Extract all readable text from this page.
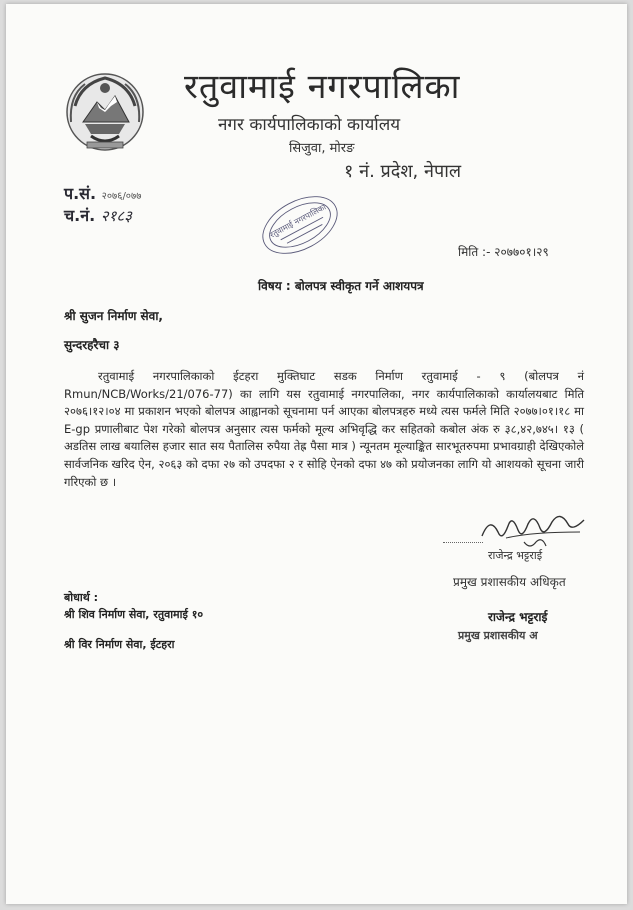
रतुवामाई नगरपालिका
नगर कार्यपालिकाको कार्यालय
सिजुवा, मोरङ
१ नं. प्रदेश, नेपाल
प.सं. २०७६/०७७
च.नं. २१८३	रतुवामाई नगरपालिका
मिति :- २०७७०१।२९
विषय : बोलपत्र स्वीकृत गर्ने आशयपत्र
श्री सुजन निर्माण सेवा,
सुन्दरहरैचा ३
रतुवामाई नगरपालिकाको ईटहरा मुक्तिघाट सडक निर्माण रतुवामाई - ९ (बोलपत्र नं Rmun/NCB/Works/21/076-77) का लागि यस रतुवामाई नगरपालिका, नगर कार्यपालिकाको कार्यालयबाट मिति २०७६।१२।०४ मा प्रकाशन भएको बोलपत्र आह्वानको सूचनामा पर्न आएका बोलपत्रहरु मध्ये त्यस फर्मले मिति २०७७।०१।१८ मा E-gp प्रणालीबाट पेश गरेको बोलपत्र अनुसार त्यस फर्मको मूल्य अभिवृद्धि कर सहितको कबोल अंक रु ३८,४२,७४५। १३ ( अडतिस लाख बयालिस हजार सात सय पैतालिस रुपैया तेह्र पैसा मात्र ) न्यूनतम मूल्याङ्कित सारभूतरुपमा प्रभावग्राही देखिएकोले सार्वजनिक खरिद ऐन, २०६३ को दफा २७ को उपदफा २ र सोहि ऐनको दफा ४७ को प्रयोजनका लागि यो आशयको सूचना जारी गरिएको छ ।
राजेन्द्र भट्टराई
प्रमुख प्रशासकीय अधिकृत
राजेन्द्र भट्टराई
प्रमुख प्रशासकीय अ
बोधार्थ :
श्री शिव निर्माण सेवा, रतुवामाई १०
श्री विर निर्माण सेवा, ईटहरा
